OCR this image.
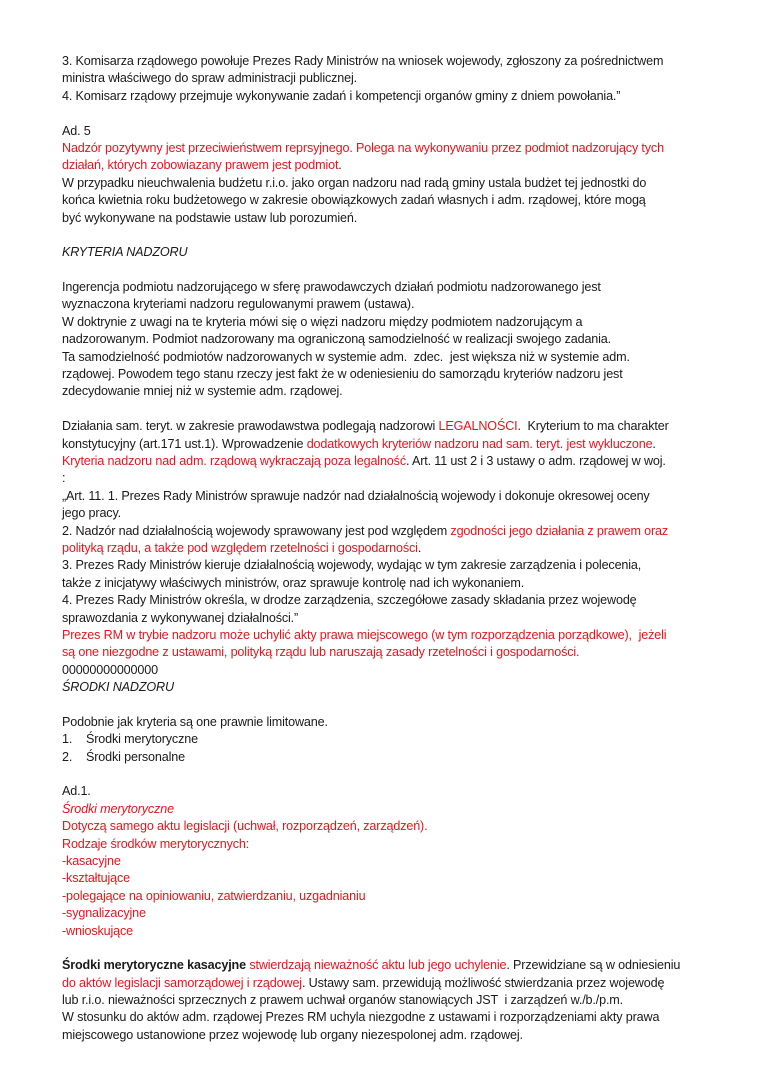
3. Komisarza rządowego powołuje Prezes Rady Ministrów na wniosek wojewody, zgłoszony za pośrednictwem
ministra właściwego do spraw administracji publicznej.
4. Komisarz rządowy przejmuje wykonywanie zadań i kompetencji organów gminy z dniem powołania.”
Ad. 5
Nadzór pozytywny jest przeciwieństwem reprsyjnego. Polega na wykonywaniu przez podmiot nadzorujący tych
działań, których zobowiazany prawem jest podmiot.
W przypadku nieuchwalenia budżetu r.i.o. jako organ nadzoru nad radą gminy ustala budżet tej jednostki do
końca kwietnia roku budżetowego w zakresie obowiązkowych zadań własnych i adm. rządowej, które mogą
być wykonywane na podstawie ustaw lub porozumień.
KRYTERIA NADZORU
Ingerencja podmiotu nadzorującego w sferę prawodawczych działań podmiotu nadzorowanego jest
wyznaczona kryteriami nadzoru regulowanymi prawem (ustawa).
W doktrynie z uwagi na te kryteria mówi się o więzi nadzoru między podmiotem nadzorującym a
nadzorowanym. Podmiot nadzorowany ma ograniczoną samodzielność w realizacji swojego zadania.
Ta samodzielność podmiotów nadzorowanych w systemie adm.  zdec.  jest większa niż w systemie adm.
rządowej. Powodem tego stanu rzeczy jest fakt że w odeniesieniu do samorządu kryteriów nadzoru jest
zdecydowanie mniej niż w systemie adm. rządowej.
Działania sam. teryt. w zakresie prawodawstwa podlegają nadzorowi LEGALNOŚCI.  Kryterium to ma charakter
konstytucyjny (art.171 ust.1). Wprowadzenie dodatkowych kryteriów nadzoru nad sam. teryt. jest wykluczone.
Kryteria nadzoru nad adm. rządową wykraczają poza legalność. Art. 11 ust 2 i 3 ustawy o adm. rządowej w woj.
:
„Art. 11. 1. Prezes Rady Ministrów sprawuje nadzór nad działalnością wojewody i dokonuje okresowej oceny
jego pracy.
2. Nadzór nad działalnością wojewody sprawowany jest pod względem zgodności jego działania z prawem oraz
polityką rządu, a także pod względem rzetelności i gospodarności.
3. Prezes Rady Ministrów kieruje działalnością wojewody, wydając w tym zakresie zarządzenia i polecenia,
także z inicjatywy właściwych ministrów, oraz sprawuje kontrolę nad ich wykonaniem.
4. Prezes Rady Ministrów określa, w drodze zarządzenia, szczegółowe zasady składania przez wojewodę
sprawozdania z wykonywanej działalności.”
Prezes RM w trybie nadzoru może uchylić akty prawa miejscowego (w tym rozporządzenia porządkowe),  jeżeli
są one niezgodne z ustawami, polityką rządu lub naruszają zasady rzetelności i gospodarności.
00000000000000
ŚRODKI NADZORU
Podobnie jak kryteria są one prawnie limitowane.
1. Środki merytoryczne
2. Środki personalne
Ad.1.
Środki merytoryczne
Dotyczą samego aktu legislacji (uchwał, rozporządzeń, zarządzeń).
Rodzaje środków merytorycznych:
-kasacyjne
-kształtujące
-polegające na opiniowaniu, zatwierdzaniu, uzgadnianiu
-sygnalizacyjne
-wnioskujące
Środki merytoryczne kasacyjne stwierdzają nieważność aktu lub jego uchylenie. Przewidziane są w odniesieniu
do aktów legislacji samorządowej i rządowej. Ustawy sam. przewidują możliwość stwierdzania przez wojewodę
lub r.i.o. nieważności sprzecznych z prawem uchwał organów stanowiących JST  i zarządzeń w./b./p.m.
W stosunku do aktów adm. rządowej Prezes RM uchyla niezgodne z ustawami i rozporządzeniami akty prawa
miejscowego ustanowione przez wojewodę lub organy niezespolonej adm. rządowej.
